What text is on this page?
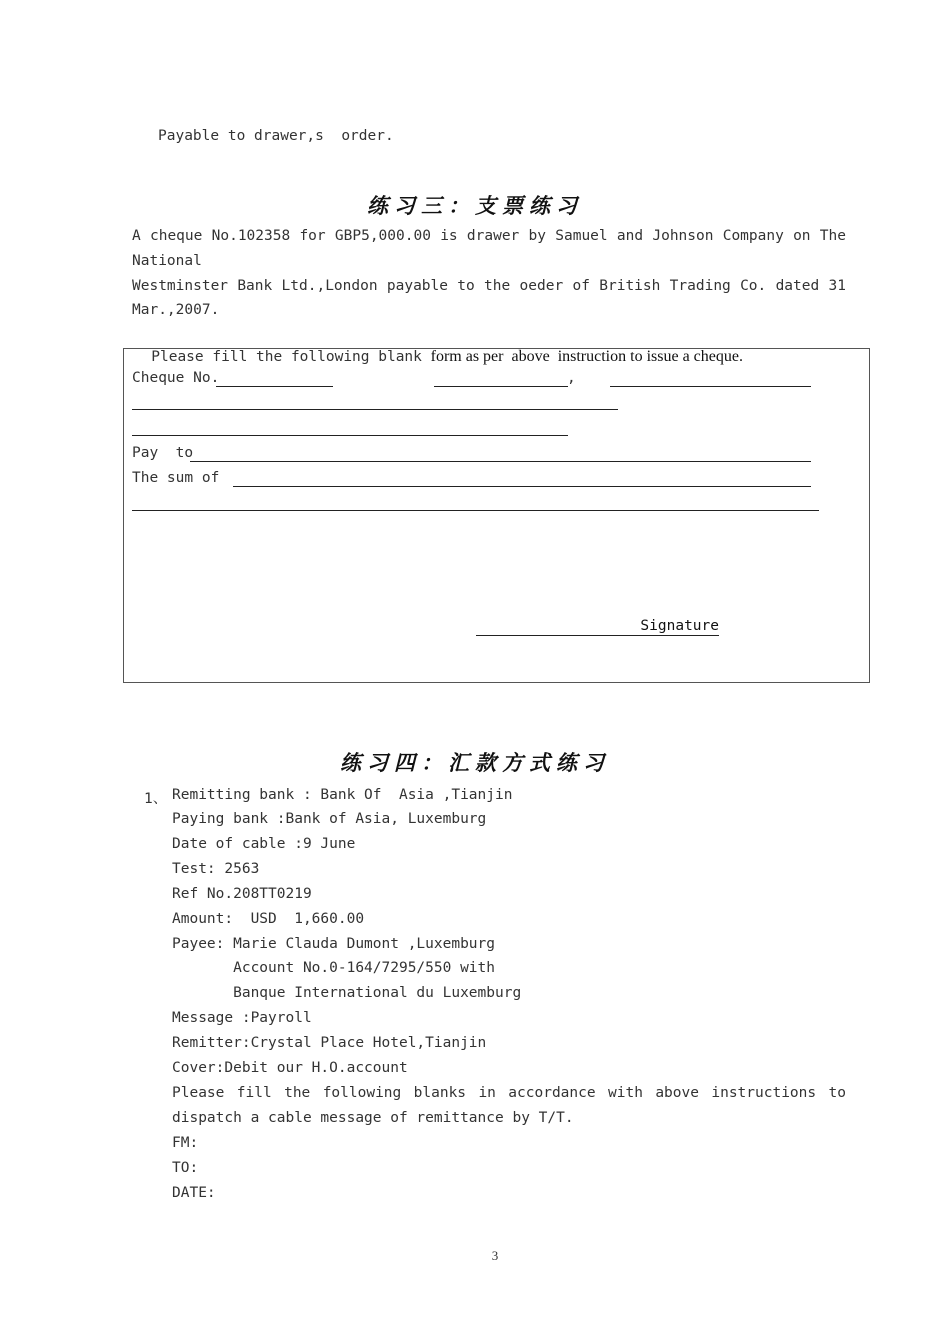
Payable to drawer,s  order.
练习三：支票练习
A cheque No.102358 for GBP5,000.00 is drawer by Samuel and Johnson Company on The
National
Westminster Bank Ltd.,London payable to the oeder of British Trading Co. dated 31
Mar.,2007.

Please fill the following blank form as per  above  instruction to issue a cheque.

Cheque No.	,
Pay  to
The sum of
Signature
练习四：汇款方式练习
1、 Remitting bank : Bank Of  Asia ,Tianjin
Paying bank :Bank of Asia, Luxemburg
Date of cable :9 June
Test: 2563
Ref No.208TT0219
Amount:  USD  1,660.00
Payee: Marie Clauda Dumont ,Luxemburg
Account No.0-164/7295/550 with
Banque International du Luxemburg
Message :Payroll
Remitter:Crystal Place Hotel,Tianjin
Cover:Debit our H.O.account
Please fill the following blanks in accordance with above instructions to
dispatch a cable message of remittance by T/T.
FM:
TO:
DATE:
3
